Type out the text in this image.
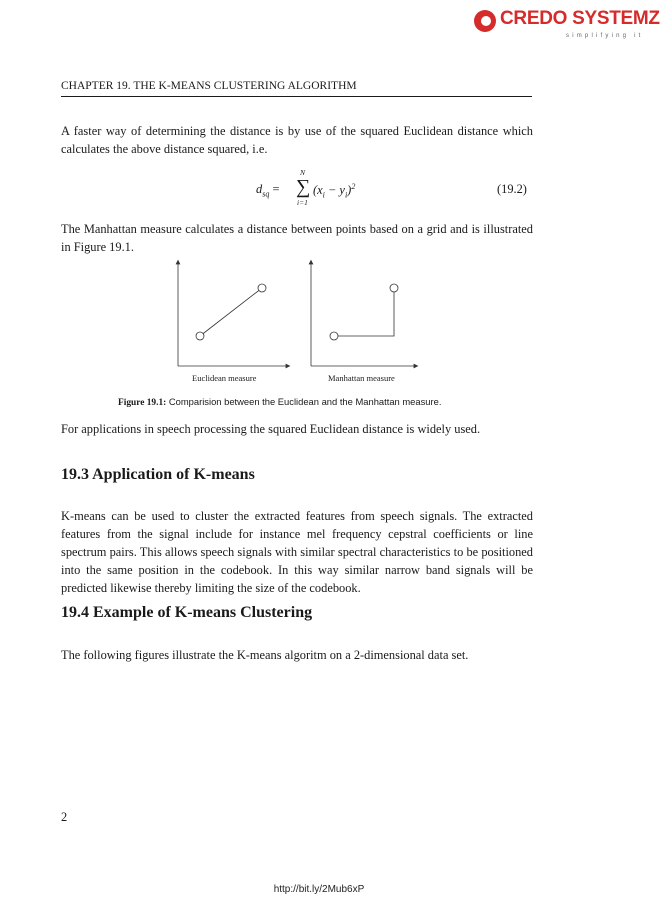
CREDO SYSTEMZ
simplifying it
CHAPTER 19. THE K-MEANS CLUSTERING ALGORITHM
A faster way of determining the distance is by use of the squared Euclidean distance which calculates the above distance squared, i.e.
$d_{sq}$ =
N
∑
i=1
$(x_i - y_i)^2$	(19.2)
The Manhattan measure calculates a distance between points based on a grid and is illustrated in Figure 19.1.
Euclidean measure	Manhattan measure
Figure 19.1: Comparision between the Euclidean and the Manhattan measure.
For applications in speech processing the squared Euclidean distance is widely used.
19.3 Application of K-means
K-means can be used to cluster the extracted features from speech signals. The extracted features from the signal include for instance mel frequency cepstral coefficients or line spectrum pairs. This allows speech signals with similar spectral characteristics to be positioned into the same position in the codebook. In this way similar narrow band signals will be predicted likewise thereby limiting the size of the codebook.
19.4 Example of K-means Clustering
The following figures illustrate the K-means algoritm on a 2-dimensional data set.
2
http://bit.ly/2Mub6xP
